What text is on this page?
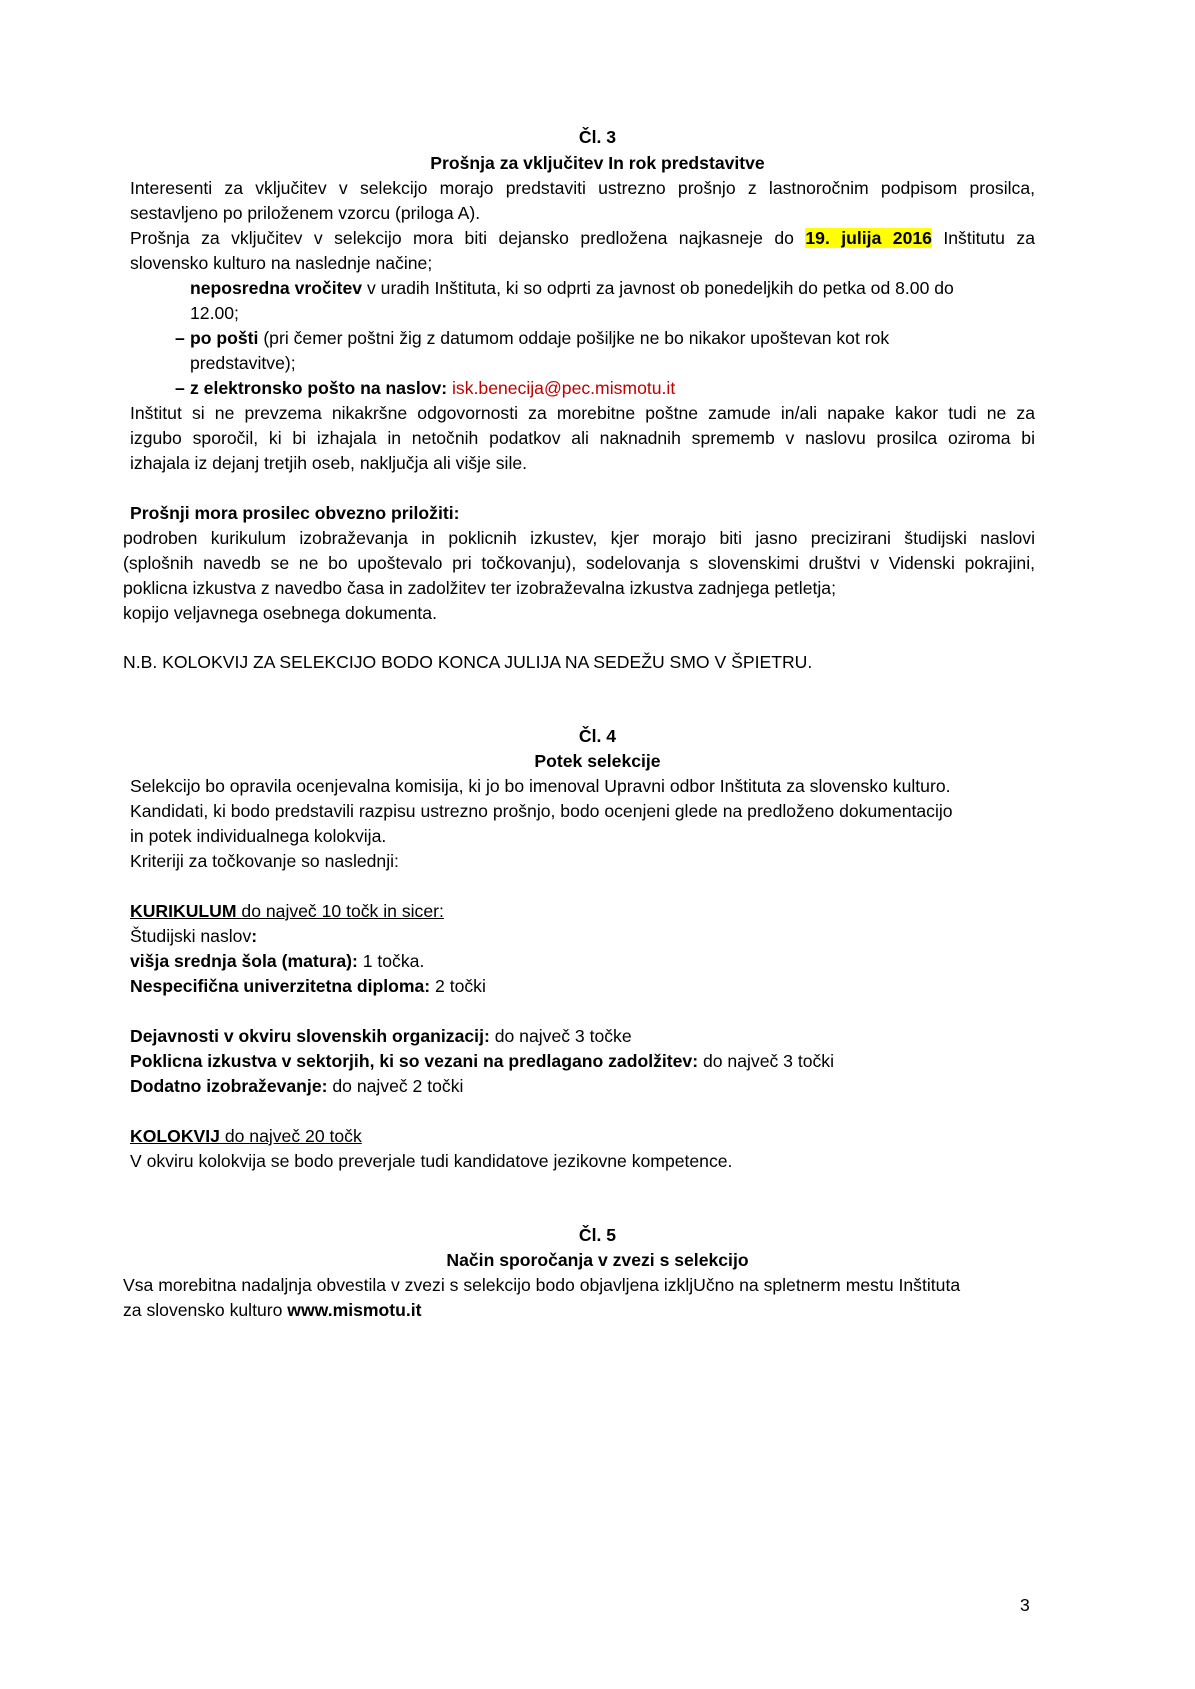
Čl. 3
Prošnja za vključitev In rok predstavitve
Interesenti za vključitev v selekcijo morajo predstaviti ustrezno prošnjo z lastnoročnim podpisom prosilca,
sestavljeno po priloženem vzorcu (priloga A).
Prošnja za vključitev v selekcijo mora biti dejansko predložena najkasneje do 19. julija 2016 Inštitutu za
slovensko kulturo na naslednje načine;
neposredna vročitev v uradih Inštituta, ki so odprti za javnost ob ponedeljkih do petka od 8.00 do
12.00;
– po pošti (pri čemer poštni žig z datumom oddaje pošiljke ne bo nikakor upoštevan kot rok
predstavitve);
– z elektronsko pošto na naslov: isk.benecija@pec.mismotu.it
Inštitut si ne prevzema nikakršne odgovornosti za morebitne poštne zamude in/ali napake kakor tudi ne za
izgubo sporočil, ki bi izhajala in netočnih podatkov ali naknadnih sprememb v naslovu prosilca oziroma bi
izhajala iz dejanj tretjih oseb, naključja ali višje sile.
Prošnji mora prosilec obvezno priložiti:
podroben kurikulum izobraževanja in poklicnih izkustev, kjer morajo biti jasno precizirani študijski naslovi
(splošnih navedb se ne bo upoštevalo pri točkovanju), sodelovanja s slovenskimi društvi v Videnski pokrajini,
poklicna izkustva z navedbo časa in zadolžitev ter izobraževalna izkustva zadnjega petletja;
kopijo veljavnega osebnega dokumenta.
N.B. KOLOKVIJ ZA SELEKCIJO BODO KONCA JULIJA NA SEDEŽU SMO V ŠPIETRU.
Čl. 4
Potek selekcije
Selekcijo bo opravila ocenjevalna komisija, ki jo bo imenoval Upravni odbor Inštituta za slovensko kulturo.
Kandidati, ki bodo predstavili razpisu ustrezno prošnjo, bodo ocenjeni glede na predloženo dokumentacijo
in potek individualnega kolokvija.
Kriteriji za točkovanje so naslednji:
KURIKULUM do največ 10 točk in sicer:
Študijski naslov:
višja srednja šola (matura): 1 točka.
Nespecifična univerzitetna diploma: 2 točki
Dejavnosti v okviru slovenskih organizacij: do največ 3 točke
Poklicna izkustva v sektorjih, ki so vezani na predlagano zadolžitev: do največ 3 točki
Dodatno izobraževanje: do največ 2 točki
KOLOKVIJ do največ 20 točk
V okviru kolokvija se bodo preverjale tudi kandidatove jezikovne kompetence.
Čl. 5
Način sporočanja v zvezi s selekcijo
Vsa morebitna nadaljnja obvestila v zvezi s selekcijo bodo objavljena izkljUčno na spletnerm mestu Inštituta
za slovensko kulturo www.mismotu.it
3
